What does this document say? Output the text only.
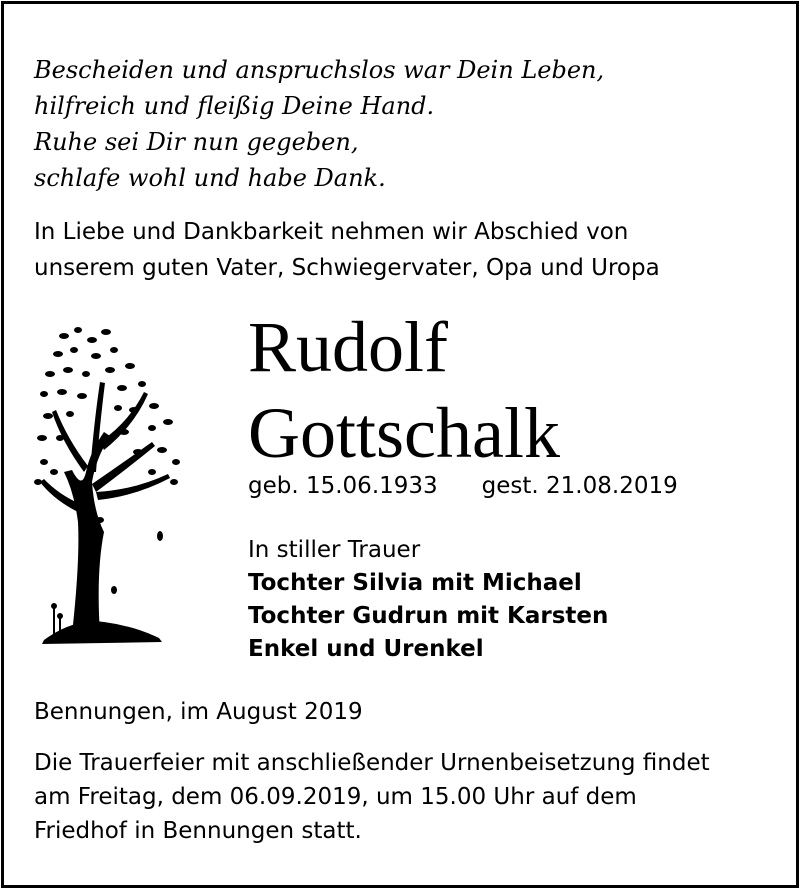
Bescheiden und anspruchslos war Dein Leben,
hilfreich und fleißig Deine Hand.
Ruhe sei Dir nun gegeben,
schlafe wohl und habe Dank.
In Liebe und Dankbarkeit nehmen wir Abschied von
unserem guten Vater, Schwiegervater, Opa und Uropa
Rudolf
Gottschalk
geb. 15.06.1933 gest. 21.08.2019
In stiller Trauer
Tochter Silvia mit Michael
Tochter Gudrun mit Karsten
Enkel und Urenkel
Bennungen, im August 2019
Die Trauerfeier mit anschließender Urnenbeisetzung findet
am Freitag, dem 06.09.2019, um 15.00 Uhr auf dem
Friedhof in Bennungen statt.
